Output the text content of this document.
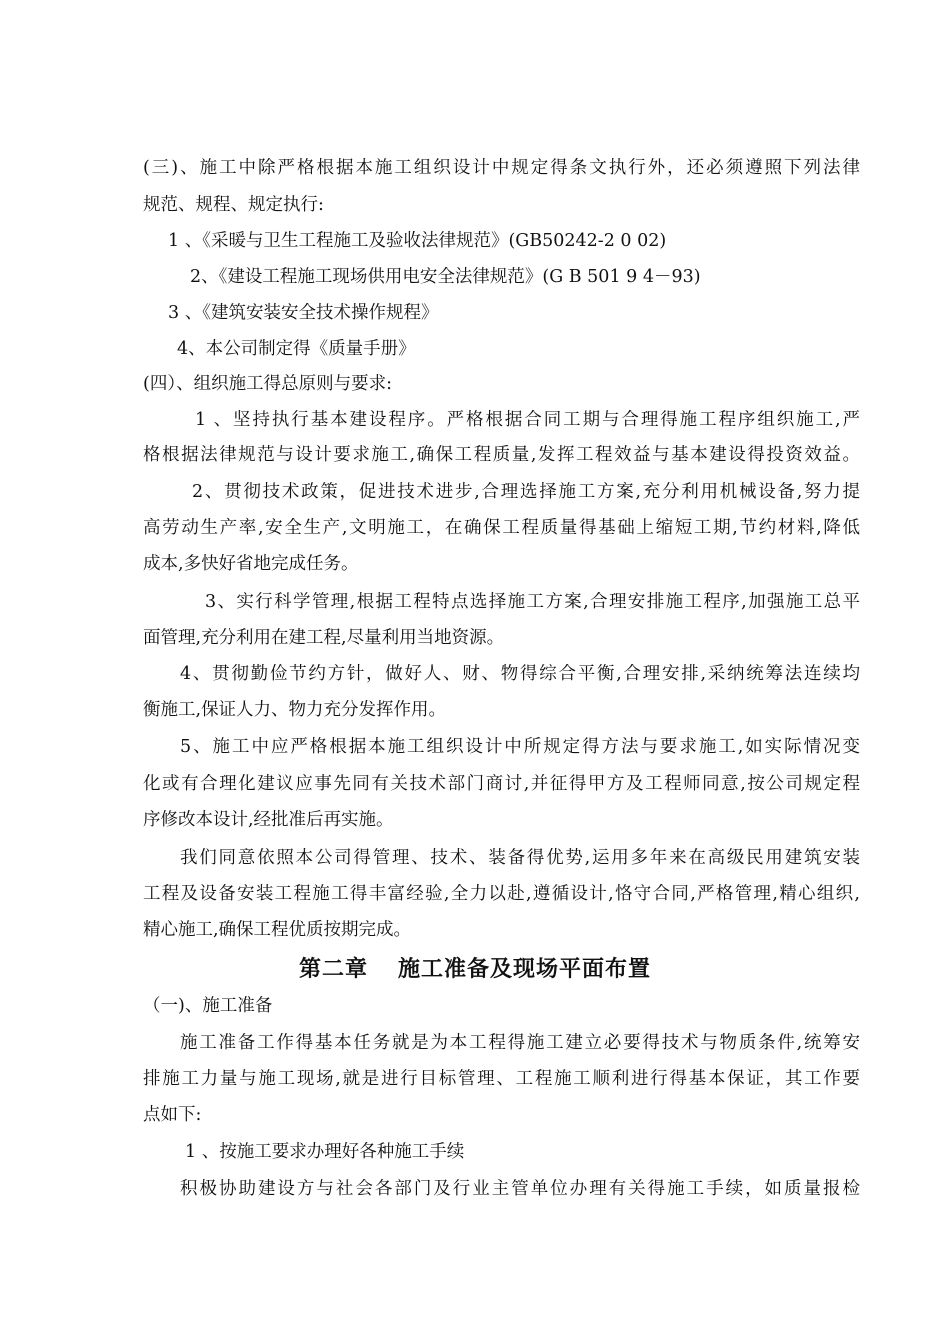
(三)、施工中除严格根据本施工组织设计中规定得条文执行外，还必须遵照下列法律
规范、规程、规定执行:
1 、《采暖与卫生工程施工及验收法律规范》(GB50242-2 0 02)
2、《建设工程施工现场供用电安全法律规范》(G B 501 9 4－93)
3 、《建筑安装安全技术操作规程》
4、本公司制定得《质量手册》
(四）、组织施工得总原则与要求:
1 、坚持执行基本建设程序。严格根据合同工期与合理得施工程序组织施工,严
格根据法律规范与设计要求施工,确保工程质量,发挥工程效益与基本建设得投资效益。
2、贯彻技术政策，促进技术进步,合理选择施工方案,充分利用机械设备,努力提
高劳动生产率,安全生产,文明施工，在确保工程质量得基础上缩短工期,节约材料,降低
成本,多快好省地完成任务。
3、实行科学管理,根据工程特点选择施工方案,合理安排施工程序,加强施工总平
面管理,充分利用在建工程,尽量利用当地资源。
4、贯彻勤俭节约方针，做好人、财、物得综合平衡,合理安排,采纳统筹法连续均
衡施工,保证人力、物力充分发挥作用。
5、施工中应严格根据本施工组织设计中所规定得方法与要求施工,如实际情况变
化或有合理化建议应事先同有关技术部门商讨,并征得甲方及工程师同意,按公司规定程
序修改本设计,经批准后再实施。
我们同意依照本公司得管理、技术、装备得优势,运用多年来在高级民用建筑安装
工程及设备安装工程施工得丰富经验,全力以赴,遵循设计,恪守合同,严格管理,精心组织,
精心施工,确保工程优质按期完成。
第二章 施工准备及现场平面布置
（一)、施工准备
施工准备工作得基本任务就是为本工程得施工建立必要得技术与物质条件,统筹安
排施工力量与施工现场,就是进行目标管理、工程施工顺利进行得基本保证，其工作要
点如下:
1 、按施工要求办理好各种施工手续
积极协助建设方与社会各部门及行业主管单位办理有关得施工手续，如质量报检
